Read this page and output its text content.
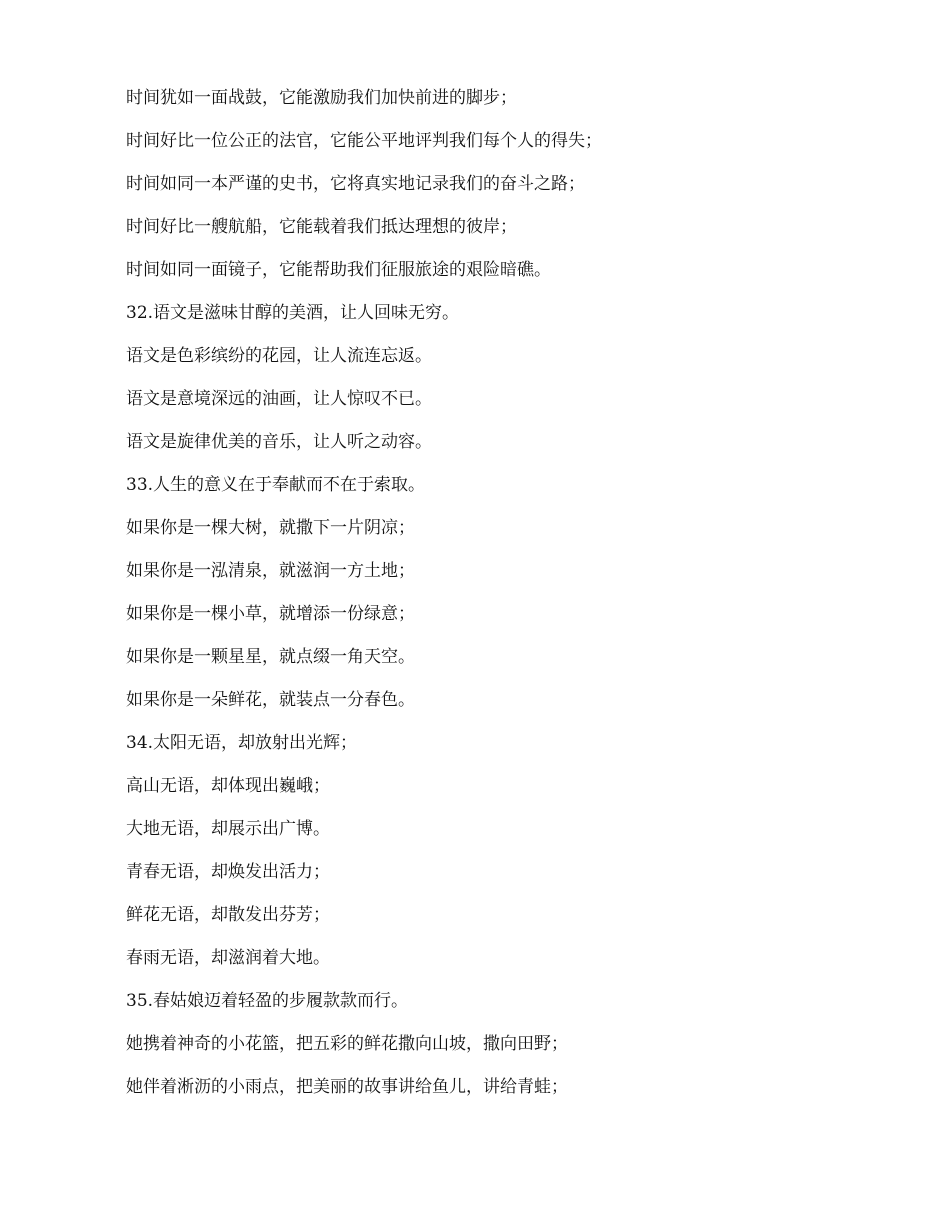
时间犹如一面战鼓，它能激励我们加快前进的脚步；
时间好比一位公正的法官，它能公平地评判我们每个人的得失；
时间如同一本严谨的史书，它将真实地记录我们的奋斗之路；
时间好比一艘航船，它能载着我们抵达理想的彼岸；
时间如同一面镜子，它能帮助我们征服旅途的艰险暗礁。
32.语文是滋味甘醇的美酒，让人回味无穷。
语文是色彩缤纷的花园，让人流连忘返。
语文是意境深远的油画，让人惊叹不已。
语文是旋律优美的音乐，让人听之动容。
33.人生的意义在于奉献而不在于索取。
如果你是一棵大树，就撒下一片阴凉；
如果你是一泓清泉，就滋润一方土地；
如果你是一棵小草，就增添一份绿意；
如果你是一颗星星，就点缀一角天空。
如果你是一朵鲜花，就装点一分春色。
34.太阳无语，却放射出光辉；
高山无语，却体现出巍峨；
大地无语，却展示出广博。
青春无语，却焕发出活力；
鲜花无语，却散发出芬芳；
春雨无语，却滋润着大地。
35.春姑娘迈着轻盈的步履款款而行。
她携着神奇的小花篮，把五彩的鲜花撒向山坡，撒向田野；
她伴着淅沥的小雨点，把美丽的故事讲给鱼儿，讲给青蛙；
